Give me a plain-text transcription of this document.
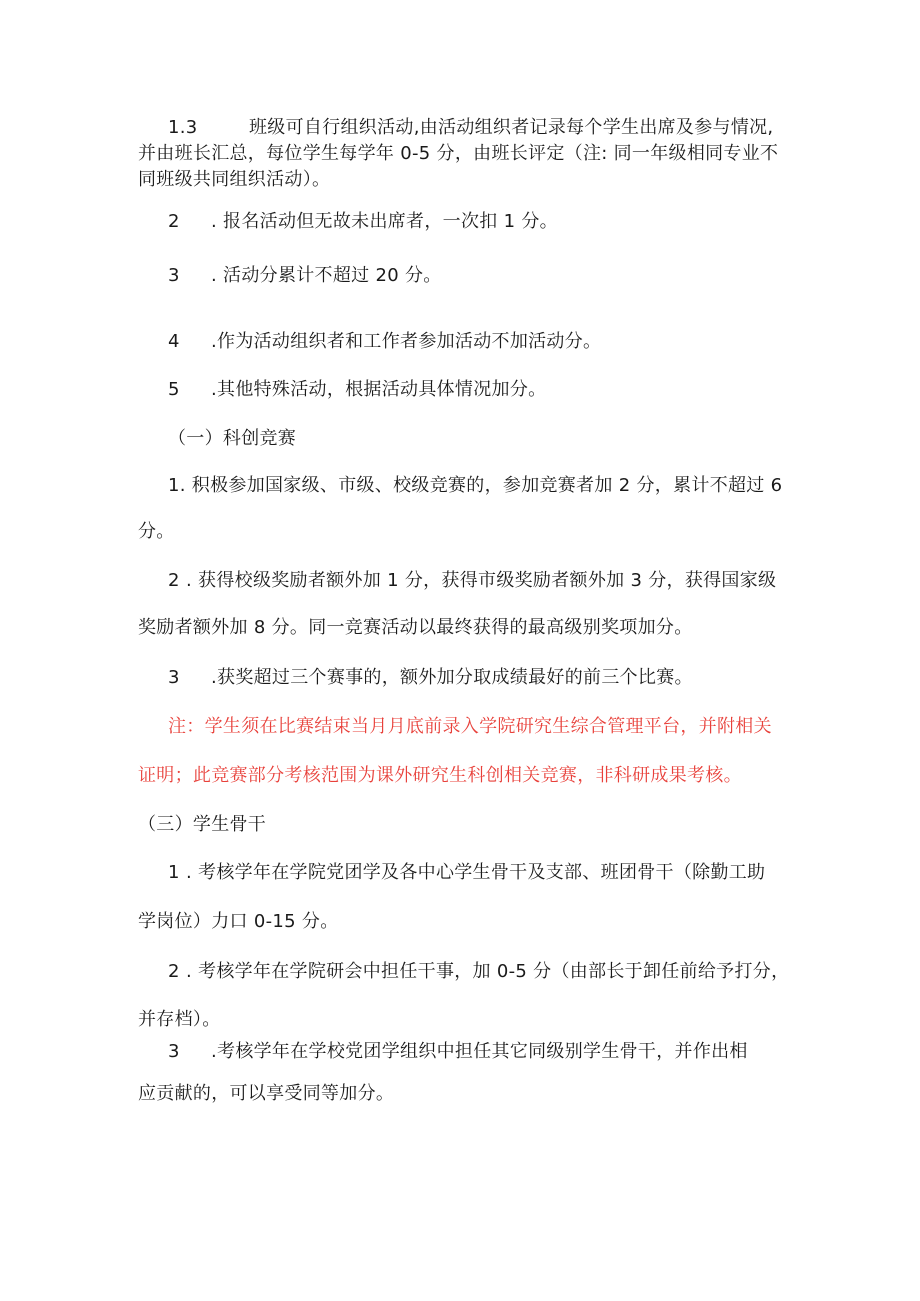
1.3	班级可自行组织活动,由活动组织者记录每个学生出席及参与情况,
并由班长汇总，每位学生每学年 0-5 分，由班长评定（注: 同一年级相同专业不
同班级共同组织活动）。
2 . 报名活动但无故未出席者，一次扣 1 分。
3 . 活动分累计不超过 20 分。
4 .作为活动组织者和工作者参加活动不加活动分。
5 .其他特殊活动，根据活动具体情况加分。
（一）科创竞赛
1. 积极参加国家级、市级、校级竞赛的，参加竞赛者加 2 分，累计不超过 6
分。
2 . 获得校级奖励者额外加 1 分，获得市级奖励者额外加 3 分，获得国家级
奖励者额外加 8 分。同一竞赛活动以最终获得的最高级别奖项加分。
3 .获奖超过三个赛事的，额外加分取成绩最好的前三个比赛。
注：学生须在比赛结束当月月底前录入学院研究生综合管理平台，并附相关
证明；此竞赛部分考核范围为课外研究生科创相关竞赛，非科研成果考核。
（三）学生骨干
1 . 考核学年在学院党团学及各中心学生骨干及支部、班团骨干（除勤工助
学岗位）力口 0-15 分。
2 . 考核学年在学院研会中担任干事，加 0-5 分（由部长于卸任前给予打分，
并存档）。
3 .考核学年在学校党团学组织中担任其它同级别学生骨干，并作出相
应贡献的，可以享受同等加分。
